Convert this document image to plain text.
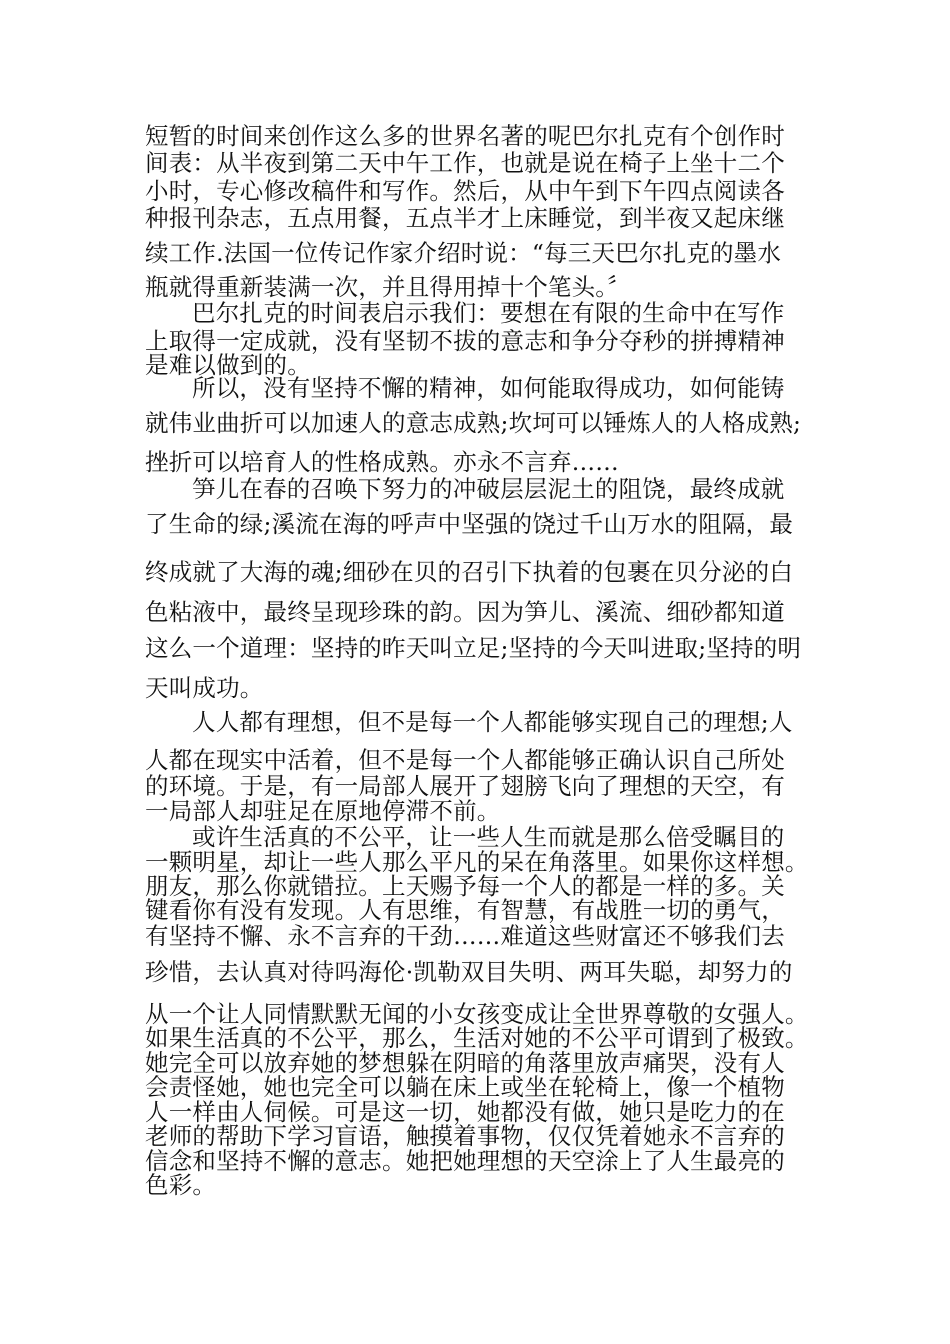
短暂的时间来创作这么多的世界名著的呢巴尔扎克有个创作时
间表：从半夜到第二天中午工作，也就是说在椅子上坐十二个
小时，专心修改稿件和写作。然后，从中午到下午四点阅读各
种报刊杂志，五点用餐，五点半才上床睡觉，到半夜又起床继
续工作.法国一位传记作家介绍时说：“每三天巴尔扎克的墨水
瓶就得重新装满一次，并且得用掉十个笔头。〞
巴尔扎克的时间表启示我们：要想在有限的生命中在写作
上取得一定成就，没有坚韧不拔的意志和争分夺秒的拼搏精神
是难以做到的。
所以，没有坚持不懈的精神，如何能取得成功，如何能铸
就伟业曲折可以加速人的意志成熟;坎坷可以锤炼人的人格成熟;
挫折可以培育人的性格成熟。亦永不言弃……
笋儿在春的召唤下努力的冲破层层泥土的阻饶，最终成就
了生命的绿;溪流在海的呼声中坚强的饶过千山万水的阻隔，最
终成就了大海的魂;细砂在贝的召引下执着的包裹在贝分泌的白
色粘液中，最终呈现珍珠的韵。因为笋儿、溪流、细砂都知道
这么一个道理：坚持的昨天叫立足;坚持的今天叫进取;坚持的明
天叫成功。
人人都有理想，但不是每一个人都能够实现自己的理想;人
人都在现实中活着，但不是每一个人都能够正确认识自己所处
的环境。于是，有一局部人展开了翅膀飞向了理想的天空，有
一局部人却驻足在原地停滞不前。
或许生活真的不公平，让一些人生而就是那么倍受瞩目的
一颗明星，却让一些人那么平凡的呆在角落里。如果你这样想。
朋友，那么你就错拉。上天赐予每一个人的都是一样的多。关
键看你有没有发现。人有思维，有智慧，有战胜一切的勇气，
有坚持不懈、永不言弃的干劲……难道这些财富还不够我们去
珍惜，去认真对待吗海伦·凯勒双目失明、两耳失聪，却努力的
从一个让人同情默默无闻的小女孩变成让全世界尊敬的女强人。
如果生活真的不公平，那么，生活对她的不公平可谓到了极致。
她完全可以放弃她的梦想躲在阴暗的角落里放声痛哭，没有人
会责怪她，她也完全可以躺在床上或坐在轮椅上，像一个植物
人一样由人伺候。可是这一切，她都没有做，她只是吃力的在
老师的帮助下学习盲语，触摸着事物，仅仅凭着她永不言弃的
信念和坚持不懈的意志。她把她理想的天空涂上了人生最亮的
色彩。
